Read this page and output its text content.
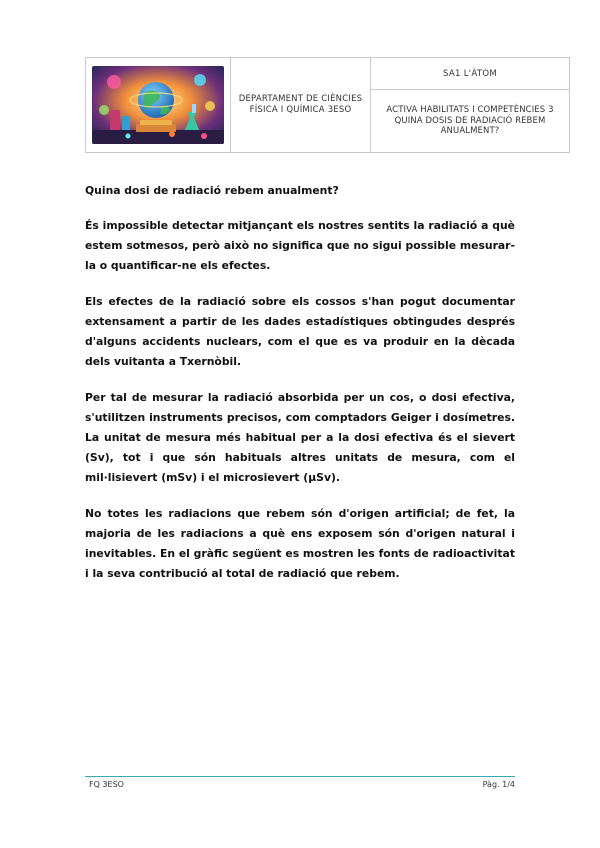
DEPARTAMENT DE CIÈNCIES
FÍSICA I QUÍMICA 3ESO
SA1 L'ÀTOM
ACTIVA HABILITATS I COMPETÈNCIES 3
QUINA DOSIS DE RADIACIÓ REBEM
ANUALMENT?

Quina dosi de radiació rebem anualment?

És impossible detectar mitjançant els nostres sentits la radiació a què estem sotmesos, però això no significa que no sigui possible mesurar-la o quantificar-ne els efectes.

Els efectes de la radiació sobre els cossos s'han pogut documentar extensament a partir de les dades estadístiques obtingudes després d'alguns accidents nuclears, com el que es va produir en la dècada dels vuitanta a Txernòbil.

Per tal de mesurar la radiació absorbida per un cos, o dosi efectiva, s'utilitzen instruments precisos, com comptadors Geiger i dosímetres. La unitat de mesura més habitual per a la dosi efectiva és el sievert (Sv), tot i que són habituals altres unitats de mesura, com el mil·lisievert (mSv) i el microsievert (µSv).

No totes les radiacions que rebem són d'origen artificial; de fet, la majoria de les radiacions a què ens exposem són d'origen natural i inevitables. En el gràfic següent es mostren les fonts de radioactivitat i la seva contribució al total de radiació que rebem.

FQ 3ESO	Pàg. 1/4
